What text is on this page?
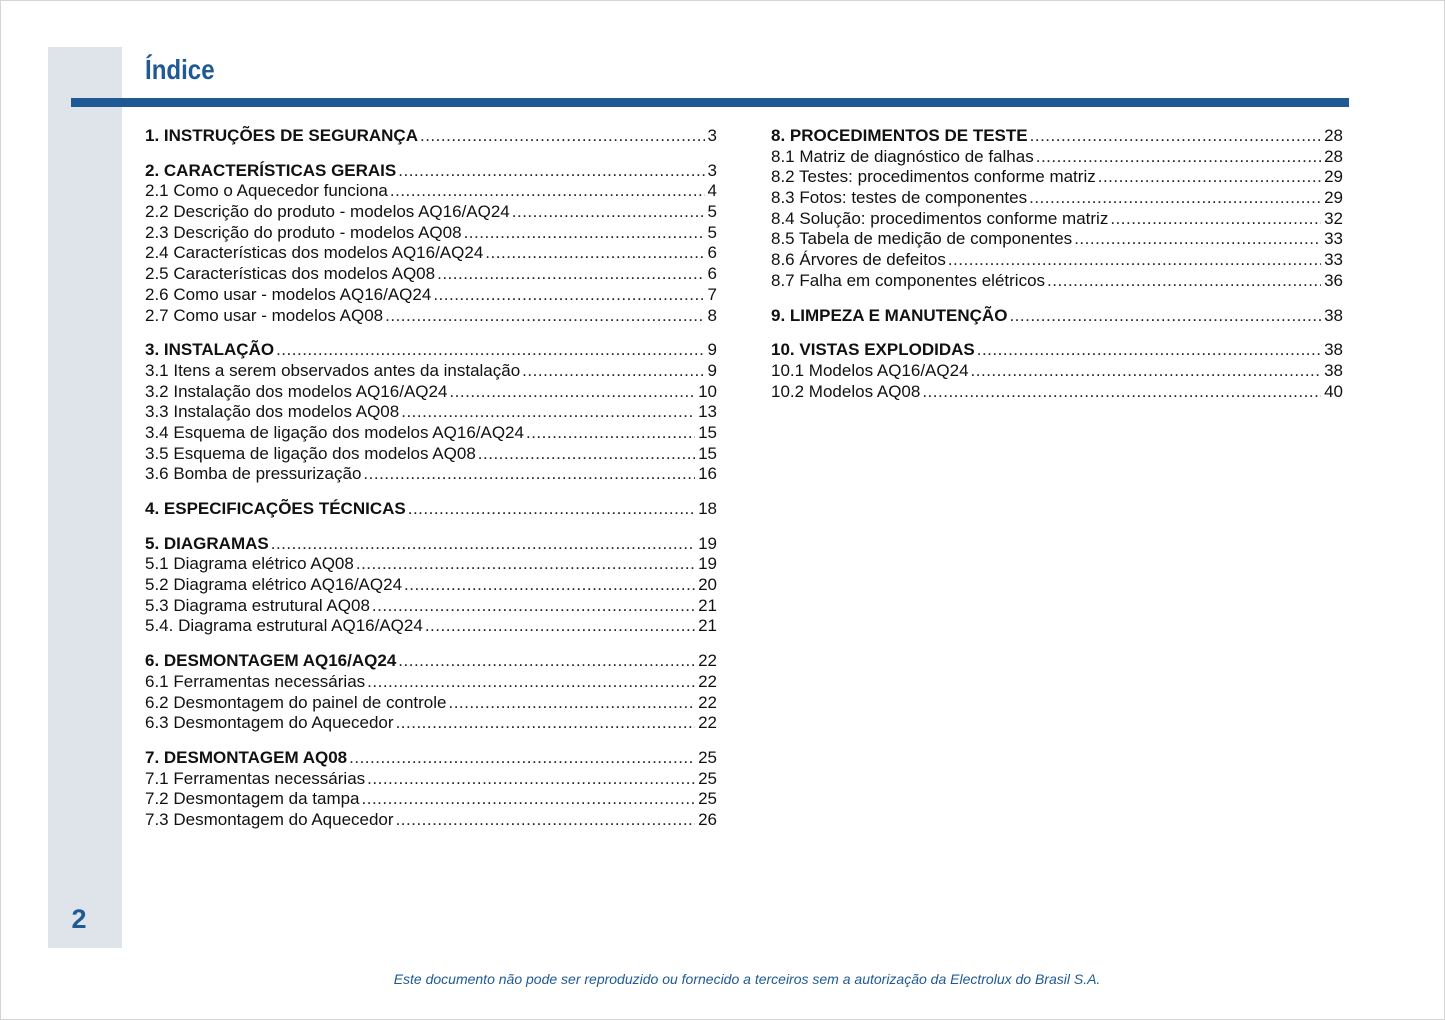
2
Índice
1. INSTRUÇÕES DE SEGURANÇA .....	3
2. CARACTERÍSTICAS GERAIS .....	3
2.1 Como o Aquecedor funciona .....	4
2.2 Descrição do produto - modelos AQ16/AQ24 .....	5
2.3 Descrição do produto - modelos AQ08 .....	5
2.4 Características dos modelos AQ16/AQ24 .....	6
2.5 Características dos modelos AQ08 .....	6
2.6 Como usar - modelos AQ16/AQ24 .....	7
2.7 Como usar - modelos AQ08 .....	8
3. INSTALAÇÃO .....	9
3.1 Itens a serem observados antes da instalação .....	9
3.2 Instalação dos modelos AQ16/AQ24 .....	10
3.3 Instalação dos modelos AQ08 .....	13
3.4 Esquema de ligação dos modelos AQ16/AQ24 .....	15
3.5 Esquema de ligação dos modelos AQ08 .....	15
3.6 Bomba de pressurização .....	16
4. ESPECIFICAÇÕES TÉCNICAS .....	18
5. DIAGRAMAS .....	19
5.1 Diagrama elétrico AQ08 .....	19
5.2 Diagrama elétrico AQ16/AQ24 .....	20
5.3 Diagrama estrutural AQ08 .....	21
5.4. Diagrama estrutural AQ16/AQ24 .....	21
6. DESMONTAGEM AQ16/AQ24 .....	22
6.1 Ferramentas necessárias .....	22
6.2 Desmontagem do painel de controle .....	22
6.3 Desmontagem do Aquecedor .....	22
7. DESMONTAGEM AQ08 .....	25
7.1 Ferramentas necessárias .....	25
7.2 Desmontagem da tampa .....	25
7.3 Desmontagem do Aquecedor .....	26
8. PROCEDIMENTOS DE TESTE .....	28
8.1 Matriz de diagnóstico de falhas .....	28
8.2 Testes: procedimentos conforme matriz .....	29
8.3 Fotos: testes de componentes .....	29
8.4 Solução: procedimentos conforme matriz .....	32
8.5 Tabela de medição de componentes .....	33
8.6 Árvores de defeitos .....	33
8.7 Falha em componentes elétricos .....	36
9. LIMPEZA E MANUTENÇÃO .....	38
10. VISTAS EXPLODIDAS .....	38
10.1 Modelos AQ16/AQ24 .....	38
10.2 Modelos AQ08 .....	40
Este documento não pode ser reproduzido ou fornecido a terceiros sem a autorização da Electrolux do Brasil S.A.
